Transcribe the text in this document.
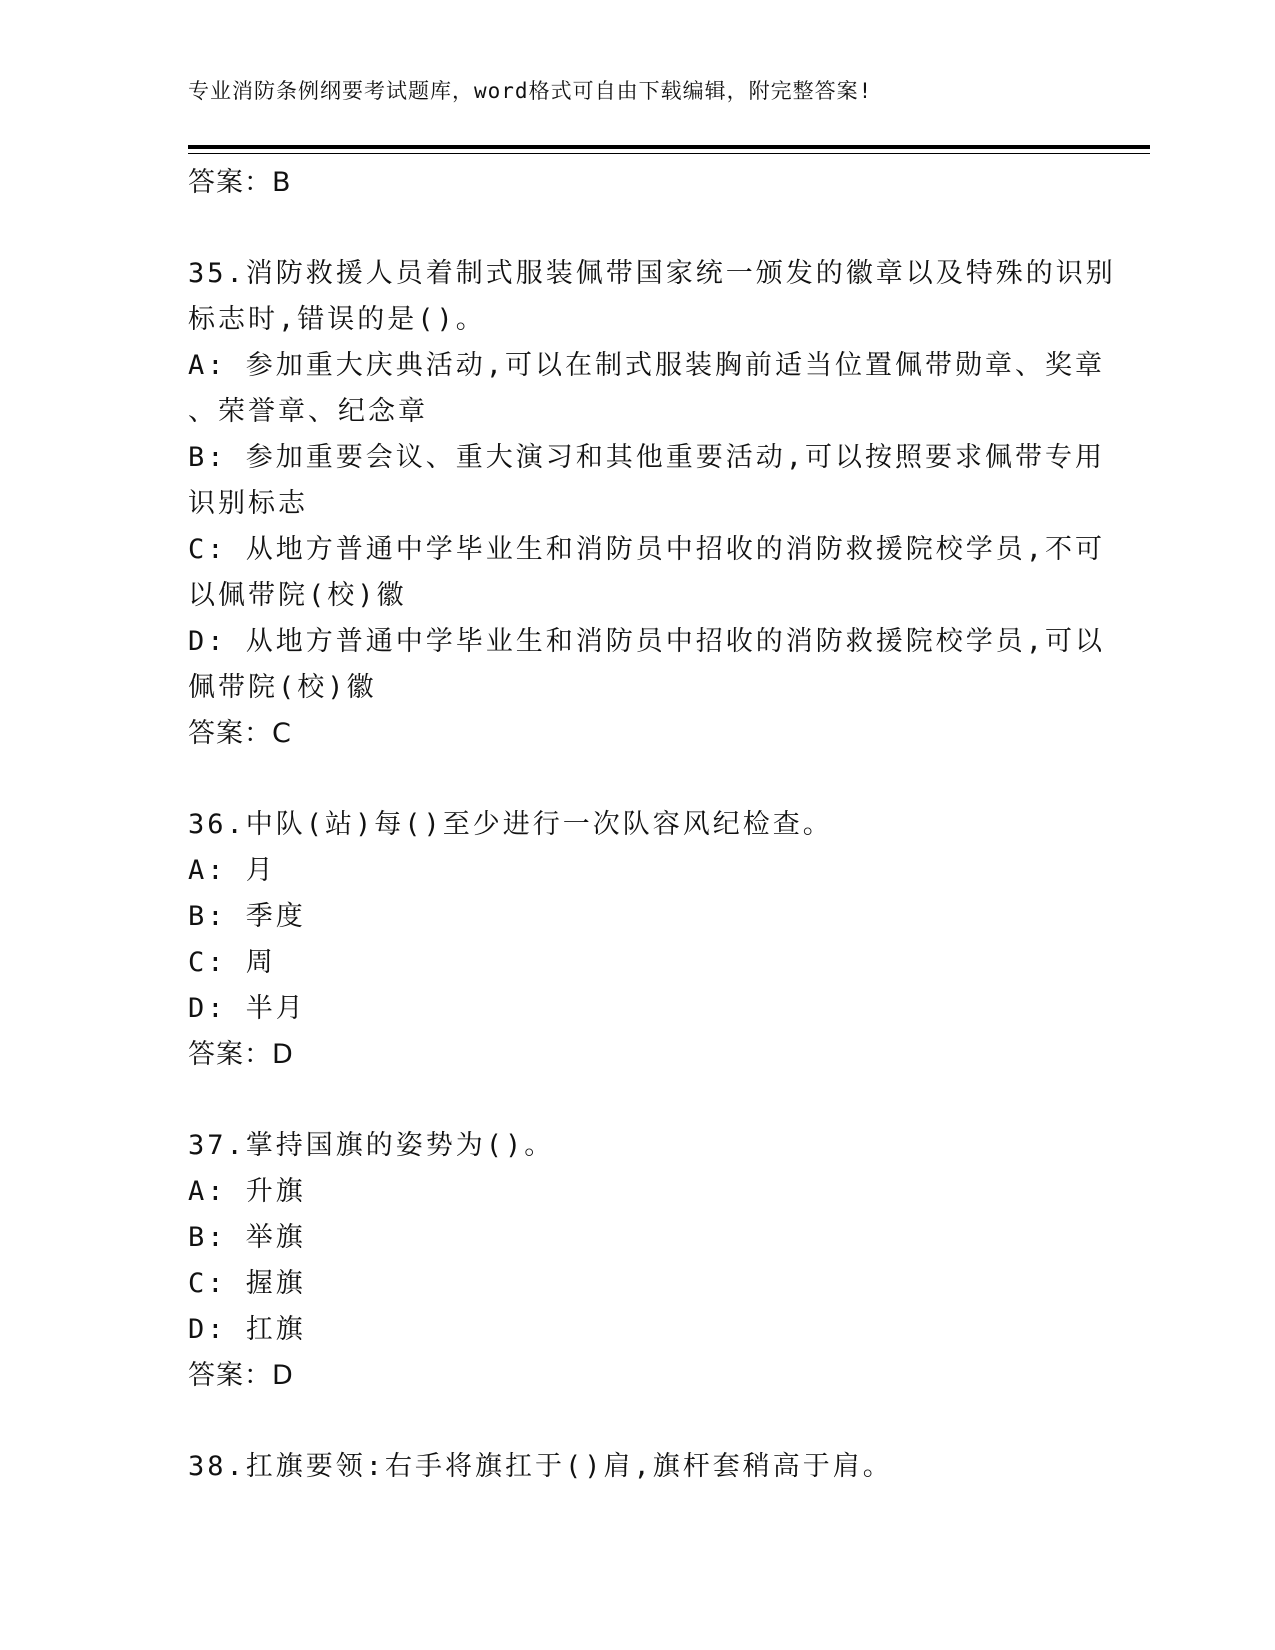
专业消防条例纲要考试题库，word格式可自由下载编辑，附完整答案!
答案：B
35.消防救援人员着制式服装佩带国家统一颁发的徽章以及特殊的识别
标志时,错误的是()。
A: 参加重大庆典活动,可以在制式服装胸前适当位置佩带勋章、奖章
、荣誉章、纪念章
B: 参加重要会议、重大演习和其他重要活动,可以按照要求佩带专用
识别标志
C: 从地方普通中学毕业生和消防员中招收的消防救援院校学员,不可
以佩带院(校)徽
D: 从地方普通中学毕业生和消防员中招收的消防救援院校学员,可以
佩带院(校)徽
答案：C
36.中队(站)每()至少进行一次队容风纪检查。
A: 月
B: 季度
C: 周
D: 半月
答案：D
37.掌持国旗的姿势为()。
A: 升旗
B: 举旗
C: 握旗
D: 扛旗
答案：D
38.扛旗要领:右手将旗扛于()肩,旗杆套稍高于肩。
